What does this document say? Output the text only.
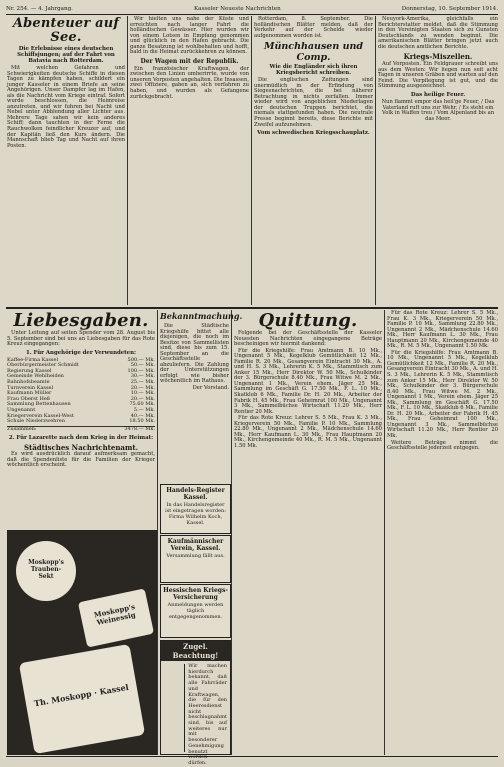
Nr. 254. — 4. Jahrgang.	Kasseler Neueste Nachrichten	Donnerstag, 10. September 1914.
Abenteuer auf See.
Die Erlebnisse eines deutschen Schiffsjungen; auf der Fahrt von Batavia nach Rotterdam.

Mit welchen Gefahren und Schwierigkeiten deutsche Schiffe in diesen Tagen zu kämpfen haben, schildert ein junger Kasseler in einem Briefe an seine Angehörigen. Unser Dampfer lag im Hafen, als die Nachricht vom Kriege eintraf. Sofort wurde beschlossen, die Heimreise anzutreten, und wir fuhren bei Nacht und Nebel unter Abblendung aller Lichter aus. Mehrere Tage sahen wir kein anderes Schiff; dann tauchten in der Ferne die Rauchwolken feindlicher Kreuzer auf, und der Kapitän ließ den Kurs ändern. Die Mannschaft blieb Tag und Nacht auf ihren Posten.

Wir hielten uns nahe der Küste und erreichten nach langer Fahrt die holländischen Gewässer. Hier wurden wir von einem Lotsen in Empfang genommen und glücklich in den Hafen gebracht. Die ganze Besatzung ist wohlbehalten und hofft, bald in die Heimat zurückkehren zu können.

Der Wagen mit der Republik.

Ein französischer Kraftwagen, der zwischen den Linien umherirrte, wurde von unseren Vorposten angehalten. Die Insassen, zwei Offiziere, gaben an, sich verfahren zu haben, und wurden als Gefangene zurückgebracht.

Rotterdam, 8. September. Die holländischen Blätter melden, daß der Verkehr auf der Schelde wieder aufgenommen worden ist.

Münchhausen und Comp.
Wie die Engländer sich ihren Kriegsbericht schreiben.

Die englischen Zeitungen sind unermüdlich in der Erfindung von Siegesnachrichten, die bei näherer Betrachtung in nichts zerfallen. Immer wieder wird von angeblichen Niederlagen der deutschen Truppen berichtet, die niemals stattgefunden haben. Die neutrale Presse beginnt bereits, diese Berichte mit Zweifel aufzunehmen.

Vom schwedischen Kriegsschauplatz.

Neuyork-Amerika, gleichfalls ein Berichterstatter meldet, daß die Stimmung in den Vereinigten Staaten sich zu Gunsten Deutschlands zu wenden beginnt. Die amerikanischen Blätter bringen jetzt auch die deutschen amtlichen Berichte.

Kriegs-Miszellen.

Auf Vorposten. Ein Feldgrauer schreibt uns aus dem Westen: Wir liegen nun seit acht Tagen in unseren Gräben und warten auf den Feind. Die Verpflegung ist gut, und die Stimmung ausgezeichnet.

Das heilige Feuer.

Nun flammt empor das heil'ge Feuer, / Das Vaterland ruft uns zur Wehr, / Es steht ein Volk in Waffen treu / Vom Alpenland bis an das Meer.

Liebesgaben.

Unter Leitung auf seiten Spender vom 28. August bis 5. September sind bei uns an Liebesgaben für das Rote Kreuz eingegangen:

1. Für Angehörige der Verwundeten:
Kaffee-Firma Kassel	500.— Mk.
Oberbürgermeister Schmidt	50.— Mk.
Regierung Kassel	100.— Mk.
Gemeinde Wehlheiden	30.— Mk.
Bahnhofsbeamte	25.— Mk.
Turnverein Kassel	20.— Mk.
Kaufmann Müller	10.— Mk.
Frau Oberst Heß	20.— Mk.
Sammlung Bettenhausen	75.60 Mk.
Ungenannt	5.— Mk.
Kriegerverein Kassel-West	40.— Mk.
Schule Niederzwehren	18.50 Mk.
Zusammen:	3478.— Mk.
2. Für Lazarette nach dem Krieg in der Heimat:
Städtisches Nachrichtenamt.

Es wird ausdrücklich darauf aufmerksam gemacht, daß die Spendenliste für die Familien der Krieger wöchentlich erscheint.

Moskopp's Trauben-Sekt
Moskopp's Weinessig
Th. Moskopp · Kassel
Bekanntmachung.

Die Städtische Kriegshilfe bittet alle diejenigen, die noch im Besitze von Sammellisten sind, diese bis zum 15. September an die Geschäftsstelle abzuliefern. Die Zahlung der Unterstützungen erfolgt wie bisher wöchentlich im Rathaus.

Der Vorstand.
Handels-Register Kassel.
In das Handelsregister ist eingetragen worden: Firma Wilhelm Koch, Kassel.
Kaufmännischer Verein, Kassel.
Versammlung fällt aus.
Hessischen Kriegs-Versicherung
Anmeldungen werden täglich entgegengenommen.
Zugel. Beachtung!
Wir machen hierdurch bekannt, daß alle Fahrräder und Kraftwagen, die für den Heeresdienst nicht beschlagnahmt sind, bis auf weiteres nur mit besonderer Genehmigung benutzt werden dürfen.
Quittung.

Folgende bei der Geschäftsstelle der Kasseler Neuesten Nachrichten eingegangene Beträge bescheinigen wir hiermit dankend:

Für die Kriegshilfe: Frau Amtmann B. 10 Mk., Ungenannt 5 Mk., Kegelklub Gemütlichkeit 12 Mk., Familie R. 20 Mk., Gesangverein Eintracht 30 Mk., A. und H. S. 3 Mk., Lehrerin K. 5 Mk., Stammtisch zum Anker 15 Mk., Herr Direktor W. 50 Mk., Schulkinder der 3. Bürgerschule 8.40 Mk., Frau Witwe M. 2 Mk., Ungenannt 1 Mk., Verein ehem. Jäger 25 Mk., Sammlung im Geschäft G. 17.50 Mk., F. L. 10 Mk., Skatklub 6 Mk., Familie Dr. H. 20 Mk., Arbeiter der Fabrik H. 45 Mk., Frau Geheimrat 100 Mk., Ungenannt 3 Mk., Sammelbüchse Wirtschaft 11.20 Mk., Herr Rentier 20 Mk.

Für das Rote Kreuz: Lehrer S. 5 Mk., Frau K. 3 Mk., Kriegerverein 50 Mk., Familie P. 10 Mk., Sammlung 22.80 Mk., Ungenannt 2 Mk., Mädchenschule 14.60 Mk., Herr Kaufmann L. 30 Mk., Frau Hauptmann 20 Mk., Kirchengemeinde 40 Mk., R. M. 5 Mk., Ungenannt 1.50 Mk.

Für das Rote Kreuz: Lehrer S. 5 Mk., Frau K. 3 Mk., Kriegerverein 50 Mk., Familie P. 10 Mk., Sammlung 22.80 Mk., Ungenannt 2 Mk., Mädchenschule 14.60 Mk., Herr Kaufmann L. 30 Mk., Frau Hauptmann 20 Mk., Kirchengemeinde 40 Mk., R. M. 5 Mk., Ungenannt 1.50 Mk.

Für die Kriegshilfe: Frau Amtmann B. 10 Mk., Ungenannt 5 Mk., Kegelklub Gemütlichkeit 12 Mk., Familie R. 20 Mk., Gesangverein Eintracht 30 Mk., A. und H. S. 3 Mk., Lehrerin K. 5 Mk., Stammtisch zum Anker 15 Mk., Herr Direktor W. 50 Mk., Schulkinder der 3. Bürgerschule 8.40 Mk., Frau Witwe M. 2 Mk., Ungenannt 1 Mk., Verein ehem. Jäger 25 Mk., Sammlung im Geschäft G. 17.50 Mk., F. L. 10 Mk., Skatklub 6 Mk., Familie Dr. H. 20 Mk., Arbeiter der Fabrik H. 45 Mk., Frau Geheimrat 100 Mk., Ungenannt 3 Mk., Sammelbüchse Wirtschaft 11.20 Mk., Herr Rentier 20 Mk.

Weitere Beträge nimmt die Geschäftsstelle jederzeit entgegen.
